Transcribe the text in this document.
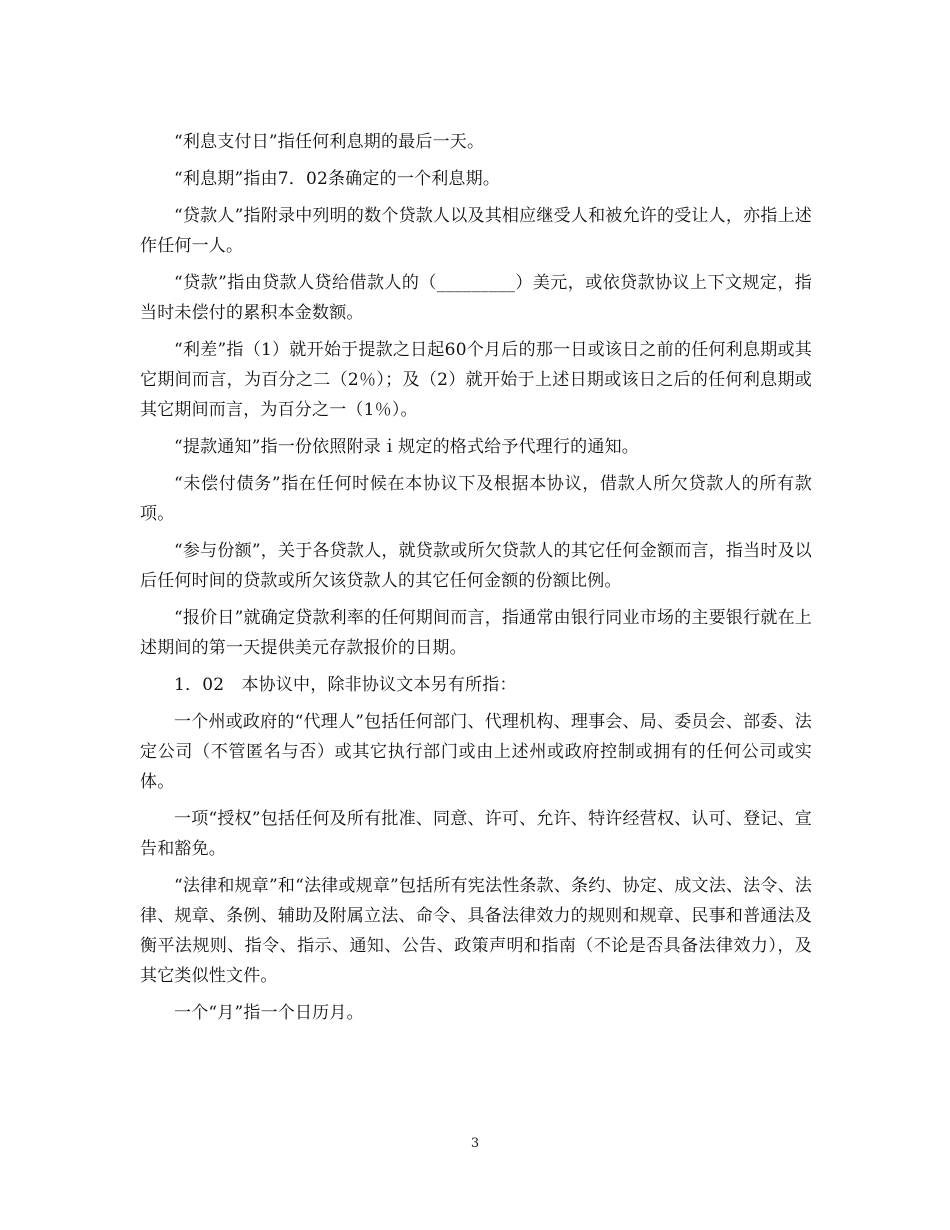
“利息支付日”指任何利息期的最后一天。

“利息期”指由7．02条确定的一个利息期。

“贷款人”指附录中列明的数个贷款人以及其相应继受人和被允许的受让人，亦指上述作任何一人。

“贷款”指由贷款人贷给借款人的（_________）美元，或依贷款协议上下文规定，指当时未偿付的累积本金数额。

“利差”指（1）就开始于提款之日起60个月后的那一日或该日之前的任何利息期或其它期间而言，为百分之二（2％）；及（2）就开始于上述日期或该日之后的任何利息期或其它期间而言，为百分之一（1％）。

“提款通知”指一份依照附录ｉ规定的格式给予代理行的通知。

“未偿付债务”指在任何时候在本协议下及根据本协议，借款人所欠贷款人的所有款项。

“参与份额”，关于各贷款人，就贷款或所欠贷款人的其它任何金额而言，指当时及以后任何时间的贷款或所欠该贷款人的其它任何金额的份额比例。

“报价日”就确定贷款利率的任何期间而言，指通常由银行同业市场的主要银行就在上述期间的第一天提供美元存款报价的日期。

1．02　本协议中，除非协议文本另有所指：

一个州或政府的“代理人”包括任何部门、代理机构、理事会、局、委员会、部委、法定公司（不管匿名与否）或其它执行部门或由上述州或政府控制或拥有的任何公司或实体。

一项“授权”包括任何及所有批准、同意、许可、允许、特许经营权、认可、登记、宣告和豁免。

“法律和规章”和“法律或规章”包括所有宪法性条款、条约、协定、成文法、法令、法律、规章、条例、辅助及附属立法、命令、具备法律效力的规则和规章、民事和普通法及衡平法规则、指令、指示、通知、公告、政策声明和指南（不论是否具备法律效力），及其它类似性文件。

一个“月”指一个日历月。

3
